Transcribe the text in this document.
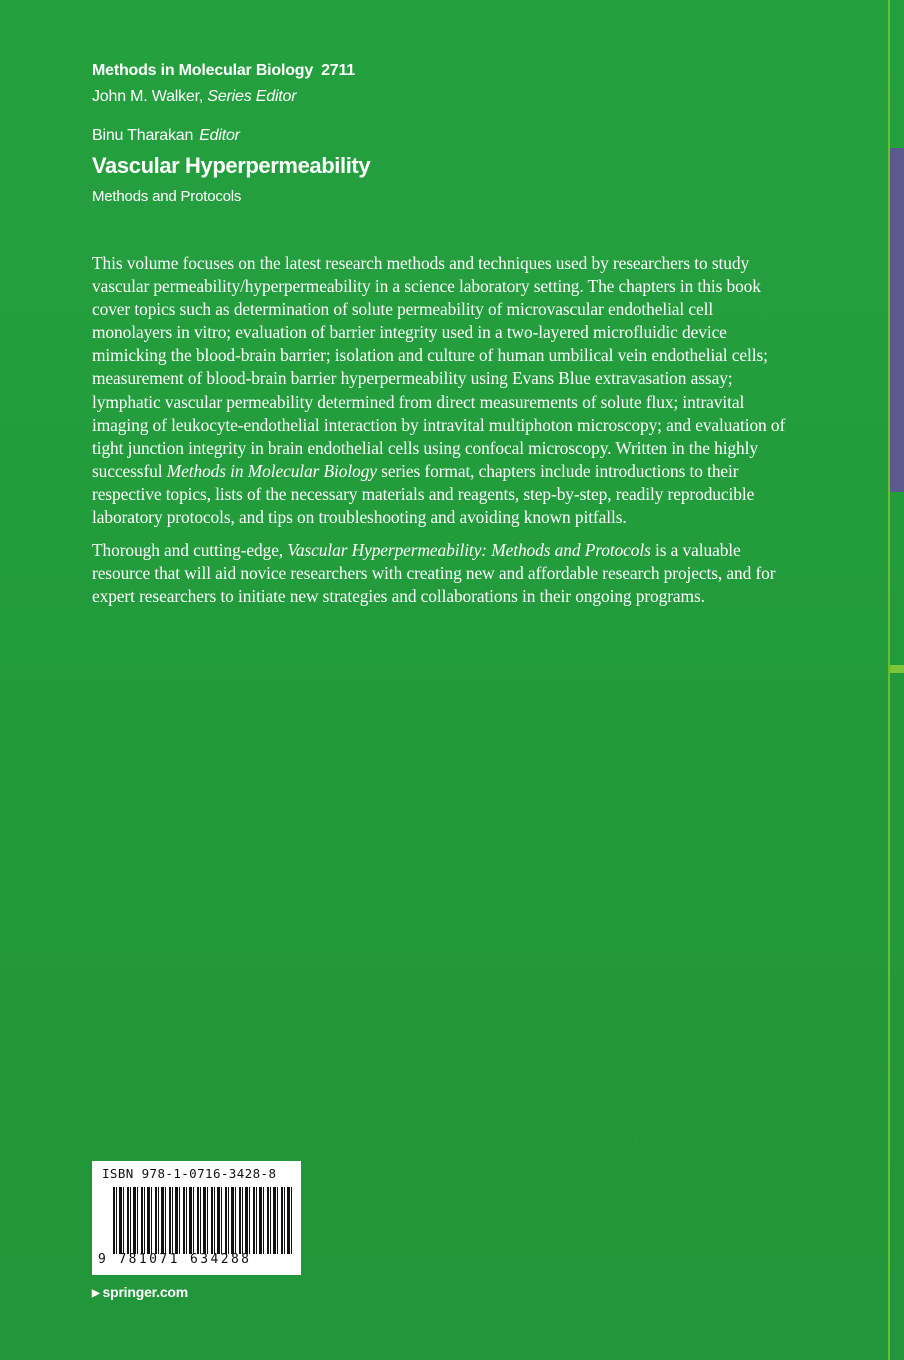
Methods in Molecular Biology 2711
John M. Walker, Series Editor
Binu Tharakan Editor
Vascular Hyperpermeability
Methods and Protocols

This volume focuses on the latest research methods and techniques used by researchers to study vascular permeability/hyperpermeability in a science laboratory setting. The chapters in this book cover topics such as determination of solute permeability of microvascular endothelial cell monolayers in vitro; evaluation of barrier integrity used in a two-layered microfluidic device mimicking the blood-brain barrier; isolation and culture of human umbilical vein endothelial cells; measurement of blood-brain barrier hyperpermeability using Evans Blue extravasation assay; lymphatic vascular permeability determined from direct measurements of solute flux; intravital imaging of leukocyte-endothelial interaction by intravital multiphoton microscopy; and evaluation of tight junction integrity in brain endothelial cells using confocal microscopy. Written in the highly successful Methods in Molecular Biology series format, chapters include introductions to their respective topics, lists of the necessary materials and reagents, step-by-step, readily reproducible laboratory protocols, and tips on troubleshooting and avoiding known pitfalls.

Thorough and cutting-edge, Vascular Hyperpermeability: Methods and Protocols is a valuable resource that will aid novice researchers with creating new and affordable research projects, and for expert researchers to initiate new strategies and collaborations in their ongoing programs.

ISBN 978-1-0716-3428-8
9 781071 634288
▶ springer.com
